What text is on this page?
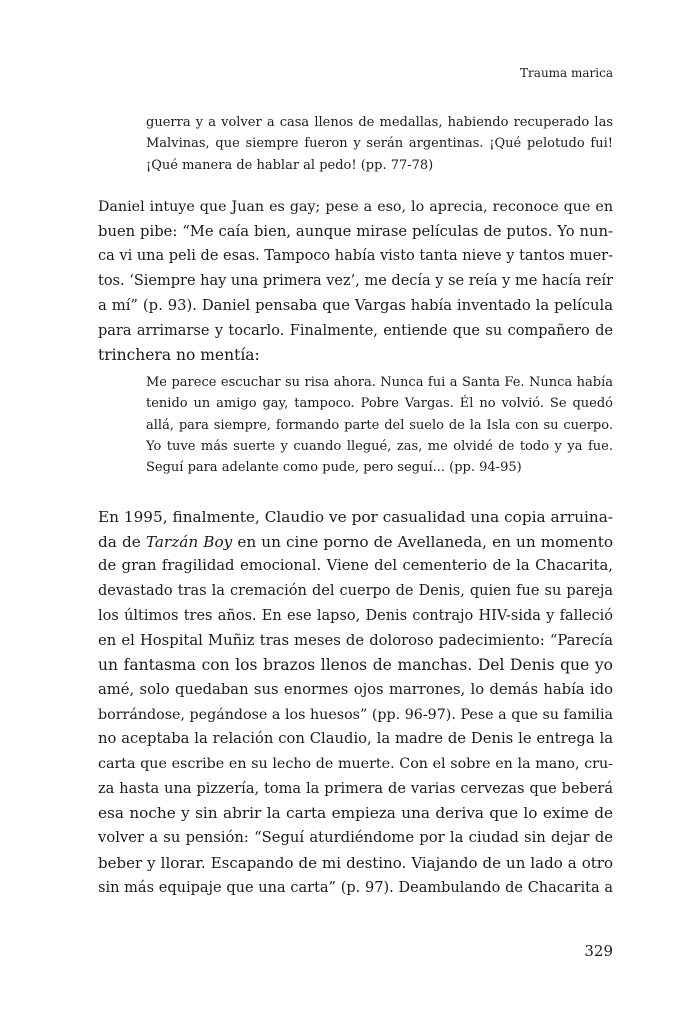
Trauma marica
guerra y a volver a casa llenos de medallas, habiendo recuperado las
Malvinas, que siempre fueron y serán argentinas. ¡Qué pelotudo fui!
¡Qué manera de hablar al pedo! (pp. 77-78)
Daniel intuye que Juan es gay; pese a eso, lo aprecia, reconoce que en
buen pibe: “Me caía bien, aunque mirase películas de putos. Yo nun-
ca vi una peli de esas. Tampoco había visto tanta nieve y tantos muer-
tos. ‘Siempre hay una primera vez’, me decía y se reía y me hacía reír
a mí” (p. 93). Daniel pensaba que Vargas había inventado la película
para arrimarse y tocarlo. Finalmente, entiende que su compañero de
trinchera no mentía:
Me parece escuchar su risa ahora. Nunca fui a Santa Fe. Nunca había
tenido un amigo gay, tampoco. Pobre Vargas. Él no volvió. Se quedó
allá, para siempre, formando parte del suelo de la Isla con su cuerpo.
Yo tuve más suerte y cuando llegué, zas, me olvidé de todo y ya fue.
Seguí para adelante como pude, pero seguí... (pp. 94-95)
En 1995, finalmente, Claudio ve por casualidad una copia arruina-
da de Tarzán Boy en un cine porno de Avellaneda, en un momento
de gran fragilidad emocional. Viene del cementerio de la Chacarita,
devastado tras la cremación del cuerpo de Denis, quien fue su pareja
los últimos tres años. En ese lapso, Denis contrajo HIV-sida y falleció
en el Hospital Muñiz tras meses de doloroso padecimiento: “Parecía
un fantasma con los brazos llenos de manchas. Del Denis que yo
amé, solo quedaban sus enormes ojos marrones, lo demás había ido
borrándose, pegándose a los huesos” (pp. 96-97). Pese a que su familia
no aceptaba la relación con Claudio, la madre de Denis le entrega la
carta que escribe en su lecho de muerte. Con el sobre en la mano, cru-
za hasta una pizzería, toma la primera de varias cervezas que beberá
esa noche y sin abrir la carta empieza una deriva que lo exime de
volver a su pensión: “Seguí aturdiéndome por la ciudad sin dejar de
beber y llorar. Escapando de mi destino. Viajando de un lado a otro
sin más equipaje que una carta” (p. 97). Deambulando de Chacarita a
329
